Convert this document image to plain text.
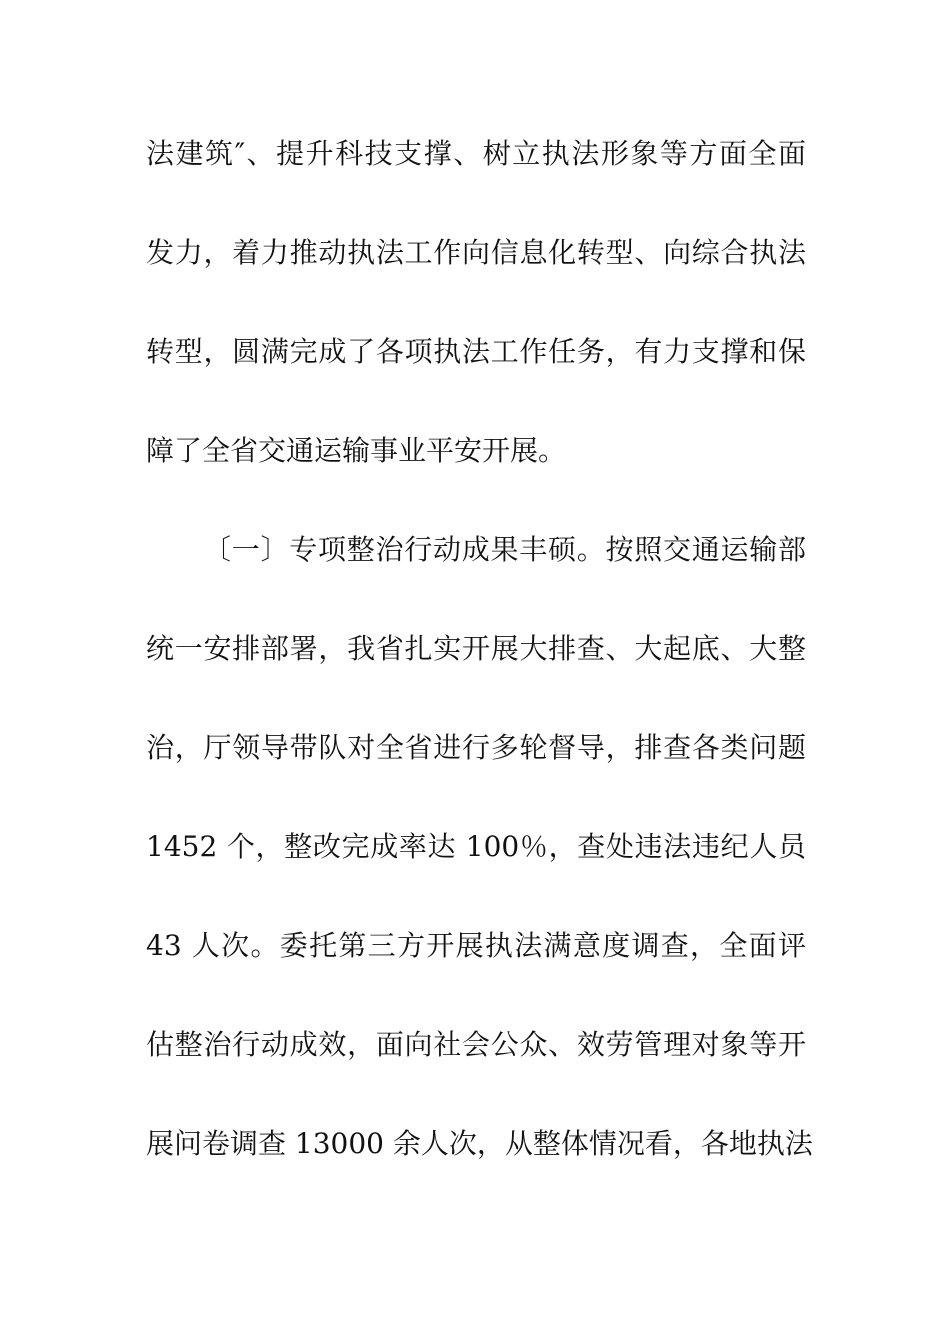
法建筑″、提升科技支撑、树立执法形象等方面全面
发力，着力推动执法工作向信息化转型、向综合执法
转型，圆满完成了各项执法工作任务，有力支撑和保
障了全省交通运输事业平安开展。
〔一〕专项整治行动成果丰硕。按照交通运输部
统一安排部署，我省扎实开展大排查、大起底、大整
治，厅领导带队对全省进行多轮督导，排查各类问题
1452 个，整改完成率达 100％，查处违法违纪人员
43 人次。委托第三方开展执法满意度调查，全面评
估整治行动成效，面向社会公众、效劳管理对象等开
展问卷调查 13000 余人次，从整体情况看，各地执法
